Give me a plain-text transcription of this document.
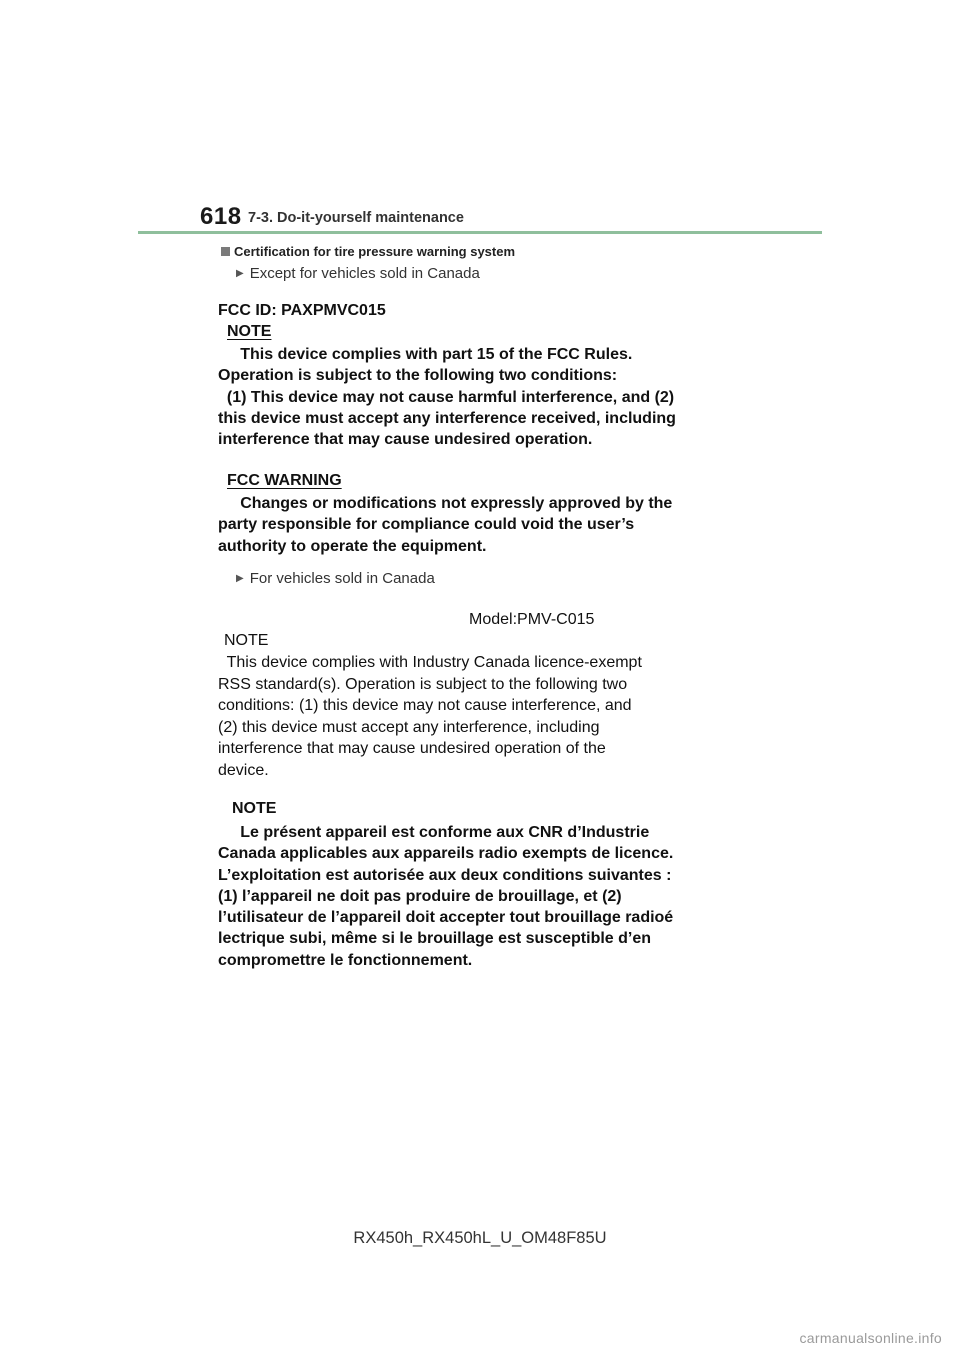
618 7-3. Do-it-yourself maintenance
Certification for tire pressure warning system
▶ Except for vehicles sold in Canada
FCC ID: PAXPMVC015
NOTE
This device complies with part 15 of the FCC Rules.
Operation is subject to the following two conditions:
(1) This device may not cause harmful interference, and (2)
this device must accept any interference received, including
interference that may cause undesired operation.
FCC WARNING
Changes or modifications not expressly approved by the
party responsible for compliance could void the user’s
authority to operate the equipment.
▶ For vehicles sold in Canada
Model:PMV-C015
NOTE
This device complies with Industry Canada licence-exempt
RSS standard(s). Operation is subject to the following two
conditions: (1) this device may not cause interference, and
(2) this device must accept any interference, including
interference that may cause undesired operation of the
device.
NOTE
Le présent appareil est conforme aux CNR d’Industrie
Canada applicables aux appareils radio exempts de licence.
L’exploitation est autorisée aux deux conditions suivantes :
(1) l’appareil ne doit pas produire de brouillage, et (2)
l’utilisateur de l’appareil doit accepter tout brouillage radioé
lectrique subi, même si le brouillage est susceptible d’en
compromettre le fonctionnement.
RX450h_RX450hL_U_OM48F85U
carmanualsonline.info
